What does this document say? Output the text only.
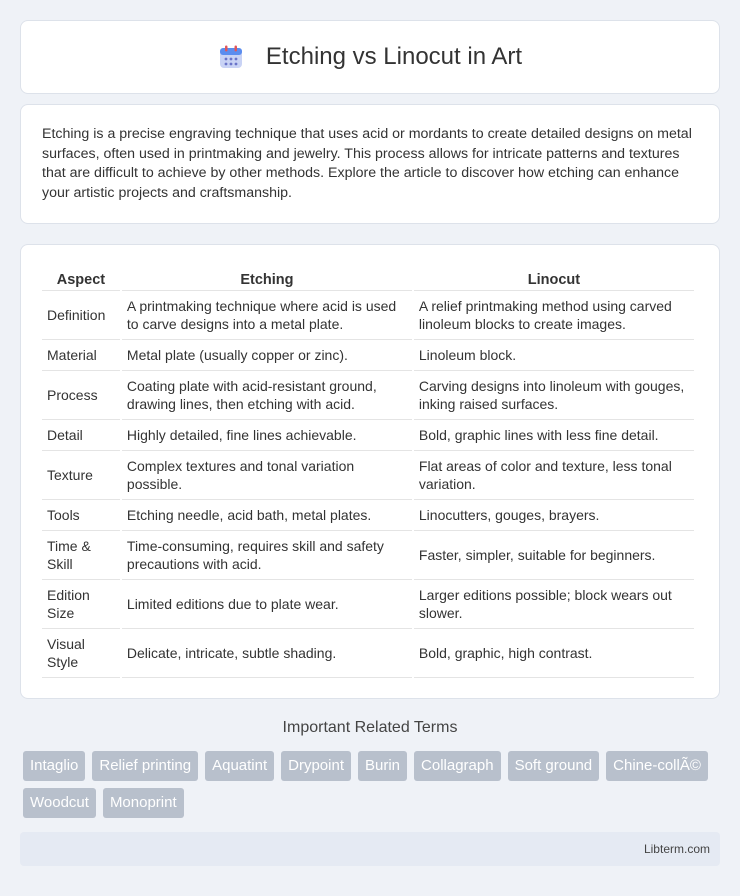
Etching vs Linocut in Art

Etching is a precise engraving technique that uses acid or mordants to create detailed designs on metal surfaces, often used in printmaking and jewelry. This process allows for intricate patterns and textures that are difficult to achieve by other methods. Explore the article to discover how etching can enhance your artistic projects and craftsmanship.

Aspect	Etching	Linocut
Definition	A printmaking technique where acid is used to carve designs into a metal plate.	A relief printmaking method using carved linoleum blocks to create images.
Material	Metal plate (usually copper or zinc).	Linoleum block.
Process	Coating plate with acid-resistant ground, drawing lines, then etching with acid.	Carving designs into linoleum with gouges, inking raised surfaces.
Detail	Highly detailed, fine lines achievable.	Bold, graphic lines with less fine detail.
Texture	Complex textures and tonal variation possible.	Flat areas of color and texture, less tonal variation.
Tools	Etching needle, acid bath, metal plates.	Linocutters, gouges, brayers.
Time & Skill	Time-consuming, requires skill and safety precautions with acid.	Faster, simpler, suitable for beginners.
Edition Size	Limited editions due to plate wear.	Larger editions possible; block wears out slower.
Visual Style	Delicate, intricate, subtle shading.	Bold, graphic, high contrast.
Important Related Terms
Intaglio	Relief printing	Aquatint	Drypoint	Burin	Collagraph	Soft ground	Chine-collÃ©
Woodcut	Monoprint
Libterm.com
